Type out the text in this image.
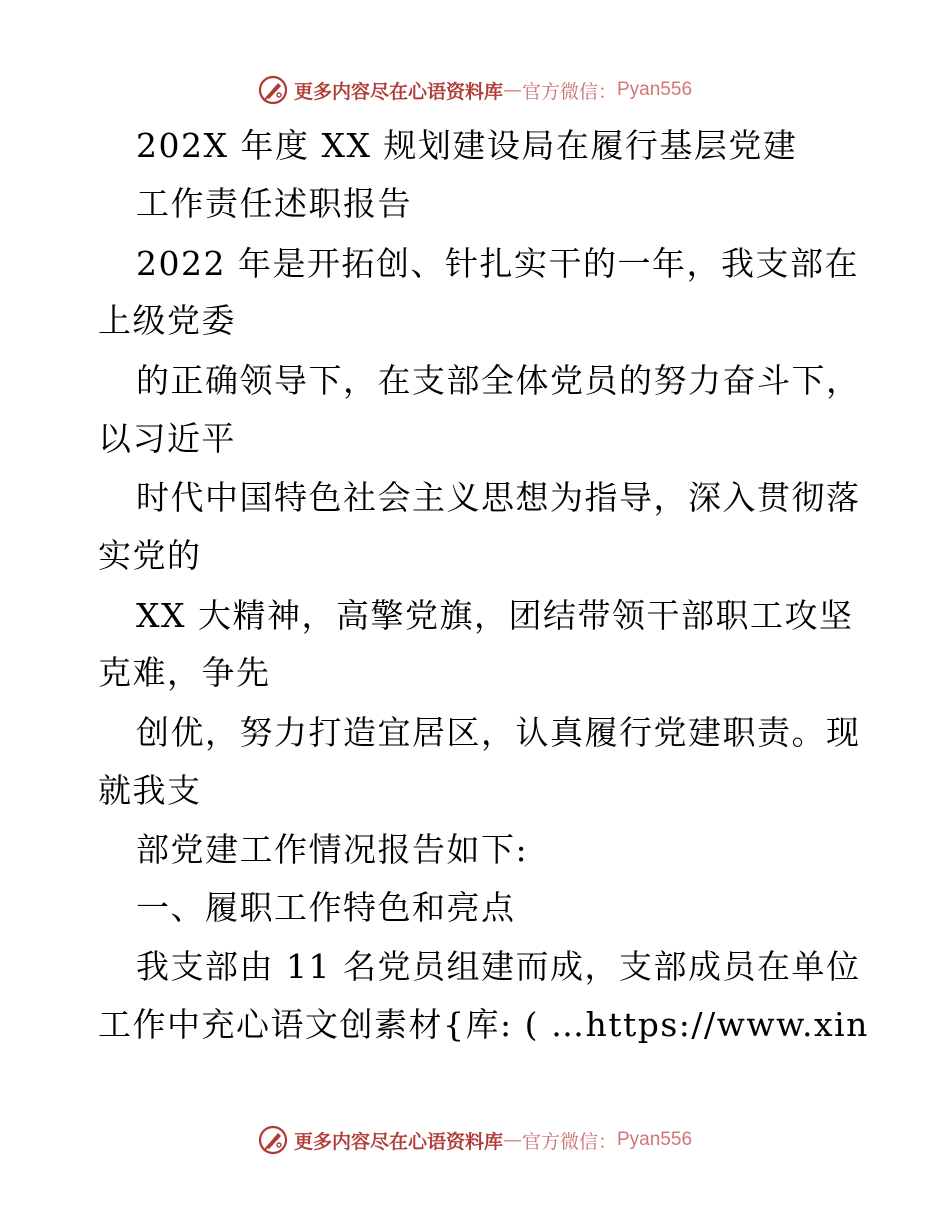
更多内容尽在心语资料库 — 官方微信： Pyan556
202X 年度 XX 规划建设局在履行基层党建
工作责任述职报告
2022 年是开拓创、针扎实干的一年，我支部在
上级党委
的正确领导下，在支部全体党员的努力奋斗下，
以习近平
时代中国特色社会主义思想为指导，深入贯彻落
实党的
XX 大精神，高擎党旗，团结带领干部职工攻坚
克难，争先
创优，努力打造宜居区，认真履行党建职责。现
就我支
部党建工作情况报告如下:
一、履职工作特色和亮点
我支部由 11 名党员组建而成，支部成员在单位
工作中充心语文创素材{库: ( …https://www.xin
更多内容尽在心语资料库 — 官方微信： Pyan556
